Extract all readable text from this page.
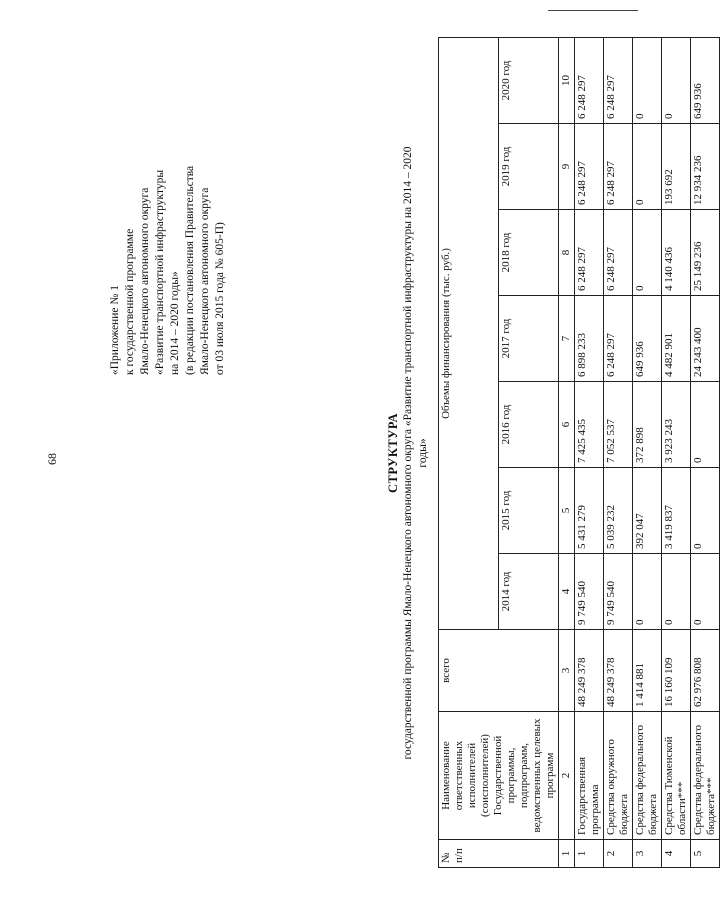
68
«Приложение № 1 к государственной программе Ямало-Ненецкого автономного округа «Развитие транспортной инфраструктуры на 2014 – 2020 годы» (в редакции постановления Правительства Ямало-Ненецкого автономного округа от 03 июля 2015 года № 605-П)
СТРУКТУРА государственной программы Ямало-Ненецкого автономного округа «Развитие транспортной инфраструктуры на 2014 – 2020 годы»
№ п/п	Наименование ответственных исполнителей (соисполнителей) Государственной программы, подпрограмм, ведомственных целевых программ	всего	Объемы финансирования (тыс. руб.)						
			2014 год	2015 год	2016 год	2017 год	2018 год	2019 год	2020 год
1	2	3	4	5	6	7	8	9	10
1	Государственная программа	48 249 378	9 749 540	5 431 279	7 425 435	6 898 233	6 248 297	6 248 297	6 248 297
2	Средства окружного бюджета	48 249 378	9 749 540	5 039 232	7 052 537	6 248 297	6 248 297	6 248 297	6 248 297
3	Средства федерального бюджета	1 414 881	0	392 047	372 898	649 936	0	0	0
4	Средства Тюменской области***	16 160 109	0	3 419 837	3 923 243	4 482 901	4 140 436	193 692	0
5	Средства федерального бюджета***	62 976 808	0	0	0	24 243 400	25 149 236	12 934 236	649 936
